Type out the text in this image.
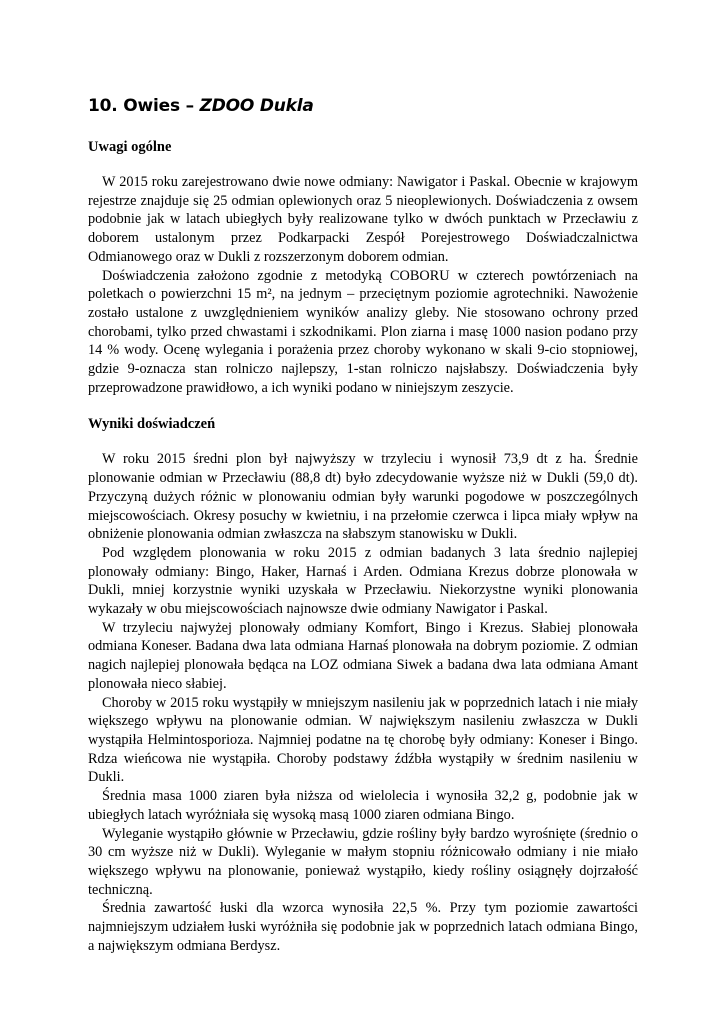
10. Owies – ZDOO Dukla
Uwagi ogólne

W 2015 roku zarejestrowano dwie nowe odmiany: Nawigator i Paskal. Obecnie w krajowym rejestrze znajduje się 25 odmian oplewionych oraz 5 nieoplewionych. Doświadczenia z owsem podobnie jak w latach ubiegłych były realizowane tylko w dwóch punktach w Przecławiu z doborem ustalonym przez Podkarpacki Zespół Porejestrowego Doświadczalnictwa Odmianowego oraz w Dukli z rozszerzonym doborem odmian.

Doświadczenia założono zgodnie z metodyką COBORU w czterech powtórzeniach na poletkach o powierzchni 15 m², na jednym – przeciętnym poziomie agrotechniki. Nawożenie zostało ustalone z uwzględnieniem wyników analizy gleby. Nie stosowano ochrony przed chorobami, tylko przed chwastami i szkodnikami. Plon ziarna i masę 1000 nasion podano przy 14 % wody. Ocenę wylegania i porażenia przez choroby wykonano w skali 9-cio stopniowej, gdzie 9-oznacza stan rolniczo najlepszy, 1-stan rolniczo najsłabszy. Doświadczenia były przeprowadzone prawidłowo, a ich wyniki podano w niniejszym zeszycie.

Wyniki doświadczeń

W roku 2015 średni plon był najwyższy w trzyleciu i wynosił 73,9 dt z ha. Średnie plonowanie odmian w Przecławiu (88,8 dt) było zdecydowanie wyższe niż w Dukli (59,0 dt). Przyczyną dużych różnic w plonowaniu odmian były warunki pogodowe w poszczególnych miejscowościach. Okresy posuchy w kwietniu, i na przełomie czerwca i lipca miały wpływ na obniżenie plonowania odmian zwłaszcza na słabszym stanowisku w Dukli.

Pod względem plonowania w roku 2015 z odmian badanych 3 lata średnio najlepiej plonowały odmiany: Bingo, Haker, Harnaś i Arden. Odmiana Krezus dobrze plonowała w Dukli, mniej korzystnie wyniki uzyskała w Przecławiu. Niekorzystne wyniki plonowania wykazały w obu miejscowościach najnowsze dwie odmiany Nawigator i Paskal.

W trzyleciu najwyżej plonowały odmiany Komfort, Bingo i Krezus. Słabiej plonowała odmiana Koneser. Badana dwa lata odmiana Harnaś plonowała na dobrym poziomie. Z odmian nagich najlepiej plonowała będąca na LOZ odmiana Siwek a badana dwa lata odmiana Amant plonowała nieco słabiej.

Choroby w 2015 roku wystąpiły w mniejszym nasileniu jak w poprzednich latach i nie miały większego wpływu na plonowanie odmian. W największym nasileniu zwłaszcza w Dukli wystąpiła Helmintosporioza. Najmniej podatne na tę chorobę były odmiany: Koneser i Bingo. Rdza wieńcowa nie wystąpiła. Choroby podstawy źdźbła wystąpiły w średnim nasileniu w Dukli.

Średnia masa 1000 ziaren była niższa od wielolecia i wynosiła 32,2 g, podobnie jak w ubiegłych latach wyróżniała się wysoką masą 1000 ziaren odmiana Bingo.

Wyleganie wystąpiło głównie w Przecławiu, gdzie rośliny były bardzo wyrośnięte (średnio o 30 cm wyższe niż w Dukli). Wyleganie w małym stopniu różnicowało odmiany i nie miało większego wpływu na plonowanie, ponieważ wystąpiło, kiedy rośliny osiągnęły dojrzałość techniczną.

Średnia zawartość łuski dla wzorca wynosiła 22,5 %. Przy tym poziomie zawartości najmniejszym udziałem łuski wyróżniła się podobnie jak w poprzednich latach odmiana Bingo, a największym odmiana Berdysz.
